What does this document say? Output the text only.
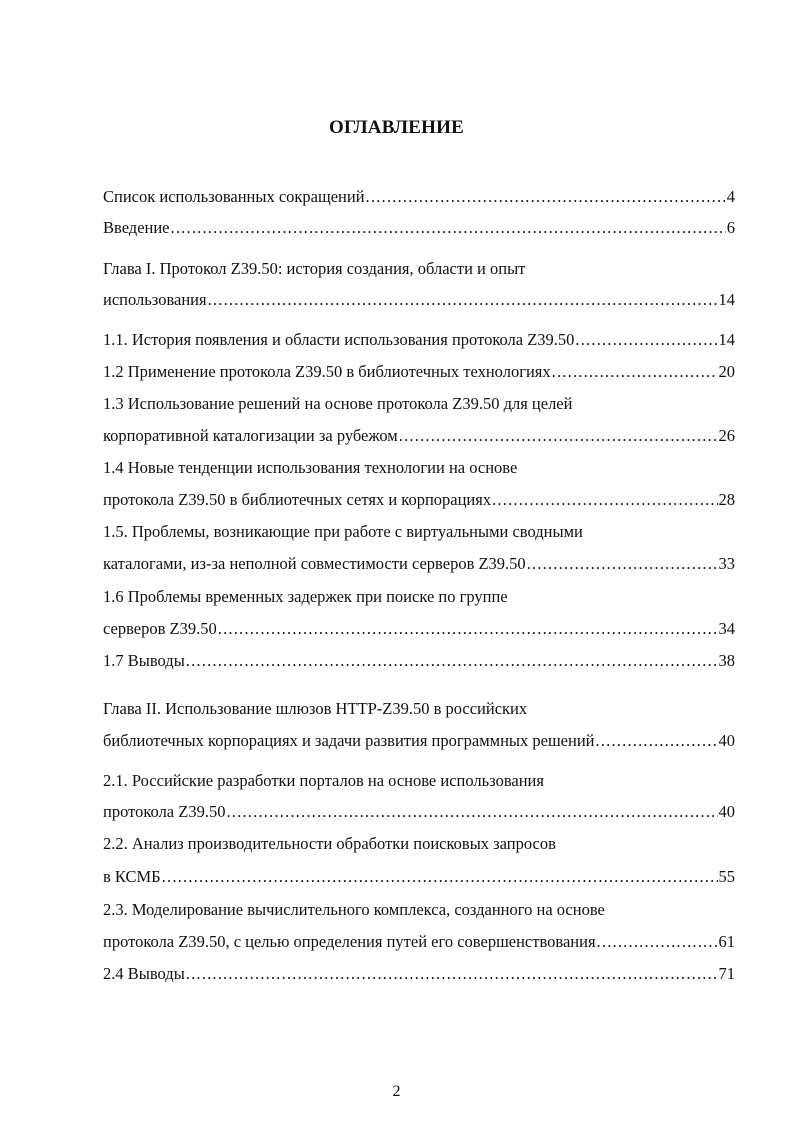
ОГЛАВЛЕНИЕ
Список использованных сокращений .....	4
Введение .....	6
Глава I. Протокол Z39.50: история создания, области и опыт
использования .....	14
1.1. История появления и области использования протокола Z39.50 .....	14
1.2 Применение протокола Z39.50 в библиотечных технологиях .....	20
1.3 Использование решений на основе протокола Z39.50 для целей
корпоративной каталогизации за рубежом .....	26
1.4 Новые тенденции использования технологии на основе
протокола Z39.50 в библиотечных сетях и корпорациях .....	28
1.5. Проблемы, возникающие при работе с виртуальными сводными
каталогами, из-за неполной совместимости серверов Z39.50 .....	33
1.6 Проблемы временных задержек при поиске по группе
серверов Z39.50 .....	34
1.7 Выводы .....	38
Глава II. Использование шлюзов HTTP-Z39.50 в российских
библиотечных корпорациях и задачи развития программных решений .....	40
2.1. Российские разработки порталов на основе использования
протокола Z39.50 .....	40
2.2. Анализ производительности обработки поисковых запросов
в КСМБ .....	55
2.3. Моделирование вычислительного комплекса, созданного на основе
протокола Z39.50, с целью определения путей его совершенствования .....	61
2.4 Выводы .....	71
2
